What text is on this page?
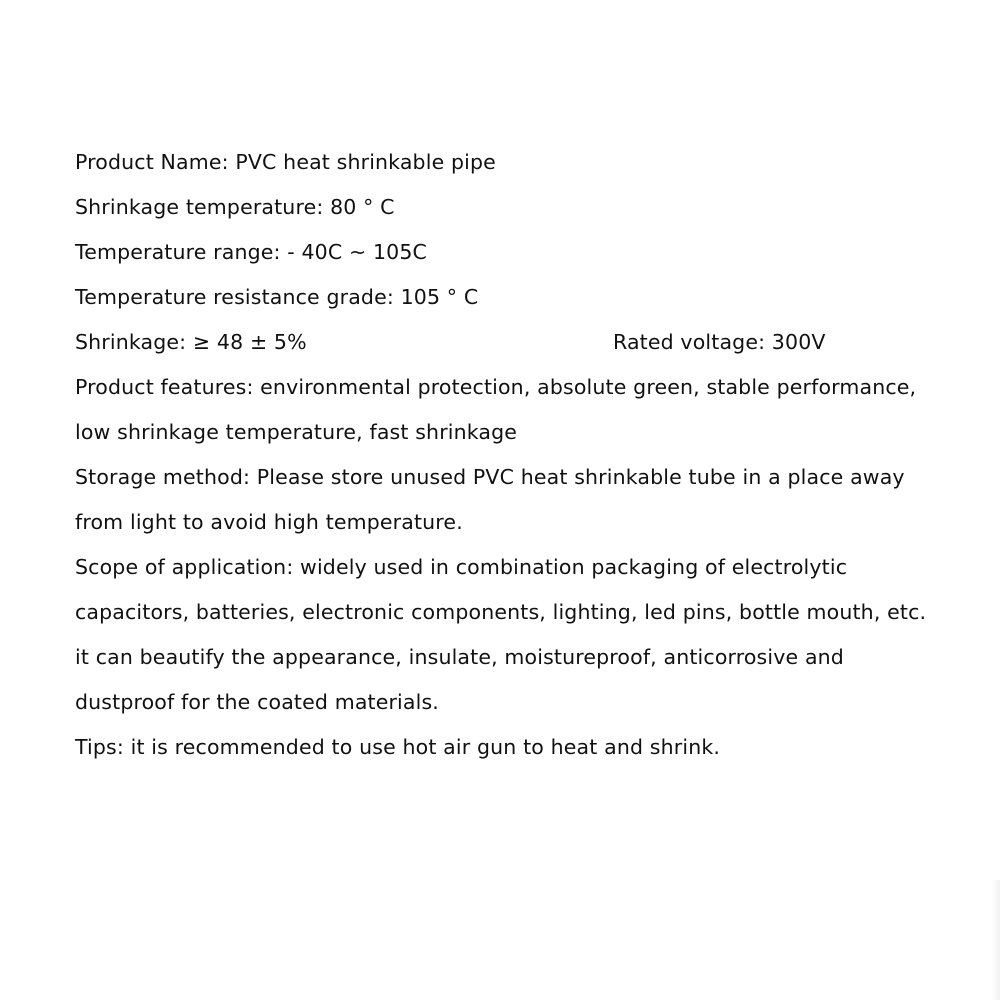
Product Name: PVC heat shrinkable pipe
Shrinkage temperature: 80 ° C
Temperature range: - 40C ~ 105C
Temperature resistance grade: 105 ° C
Shrinkage: ≥ 48 ± 5%	Rated voltage: 300V
Product features: environmental protection, absolute green, stable performance,
low shrinkage temperature, fast shrinkage
Storage method: Please store unused PVC heat shrinkable tube in a place away
from light to avoid high temperature.
Scope of application: widely used in combination packaging of electrolytic
capacitors, batteries, electronic components, lighting, led pins, bottle mouth, etc.
it can beautify the appearance, insulate, moistureproof, anticorrosive and
dustproof for the coated materials.
Tips: it is recommended to use hot air gun to heat and shrink.
